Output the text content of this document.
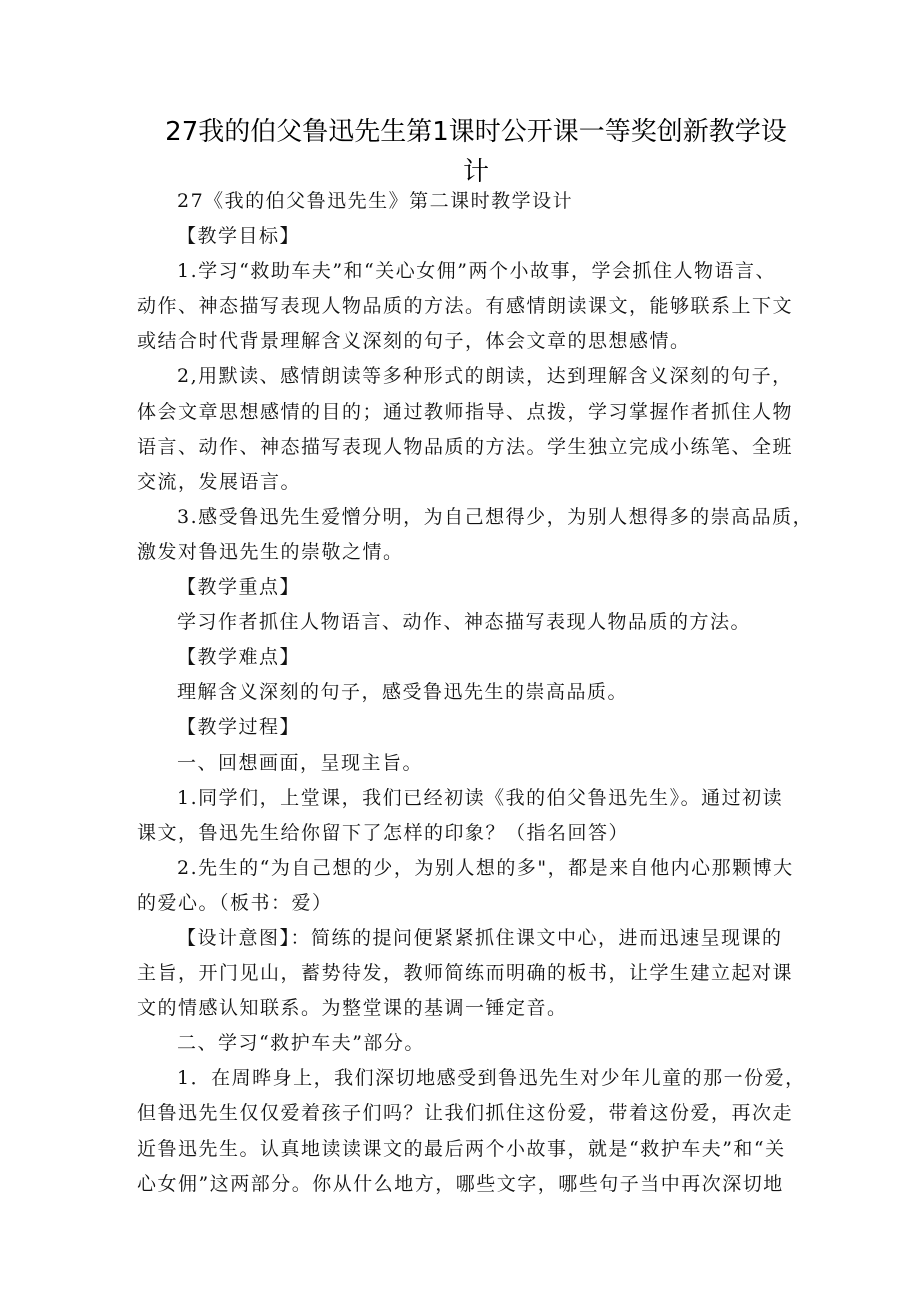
27我的伯父鲁迅先生第1课时公开课一等奖创新教学设
计
27《我的伯父鲁迅先生》第二课时教学设计
【教学目标】
1.学习“救助车夫”和“关心女佣”两个小故事，学会抓住人物语言、
动作、神态描写表现人物品质的方法。有感情朗读课文，能够联系上下文
或结合时代背景理解含义深刻的句子，体会文章的思想感情。
2,用默读、感情朗读等多种形式的朗读，达到理解含义深刻的句子，
体会文章思想感情的目的；通过教师指导、点拨，学习掌握作者抓住人物
语言、动作、神态描写表现人物品质的方法。学生独立完成小练笔、全班
交流，发展语言。
3.感受鲁迅先生爱憎分明，为自己想得少，为别人想得多的崇高品质，
激发对鲁迅先生的崇敬之情。
【教学重点】
学习作者抓住人物语言、动作、神态描写表现人物品质的方法。
【教学难点】
理解含义深刻的句子，感受鲁迅先生的崇高品质。
【教学过程】
一、回想画面，呈现主旨。
1.同学们，上堂课，我们已经初读《我的伯父鲁迅先生》。通过初读
课文，鲁迅先生给你留下了怎样的印象？（指名回答）
2.先生的“为自己想的少，为别人想的多"，都是来自他内心那颗博大
的爱心。（板书：爱）
【设计意图】：简练的提问便紧紧抓住课文中心，进而迅速呈现课的
主旨，开门见山，蓄势待发，教师简练而明确的板书，让学生建立起对课
文的情感认知联系。为整堂课的基调一锤定音。
二、学习“救护车夫”部分。
1．在周晔身上，我们深切地感受到鲁迅先生对少年儿童的那一份爱，
但鲁迅先生仅仅爱着孩子们吗？让我们抓住这份爱，带着这份爱，再次走
近鲁迅先生。认真地读读课文的最后两个小故事，就是“救护车夫”和“关
心女佣”这两部分。你从什么地方，哪些文字，哪些句子当中再次深切地
